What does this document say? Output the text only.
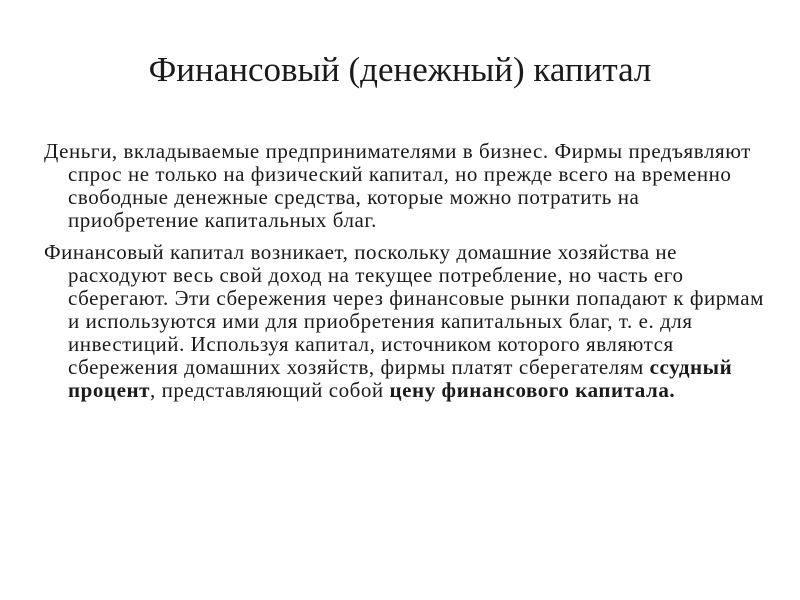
Финансовый (денежный) капитал

Деньги, вкладываемые предпринимателями в бизнес. Фирмы предъявляют спрос не только на физический капитал, но прежде всего на временно свободные денежные средства, которые можно потратить на приобретение капитальных благ.

Финансовый капитал возникает, поскольку домашние хозяйства не расходуют весь свой доход на текущее потребление, но часть его сберегают. Эти сбережения через финансовые рынки попадают к фирмам и используются ими для приобретения капитальных благ, т. е. для инвестиций. Используя капитал, источником которого являются сбережения домашних хозяйств, фирмы платят сберегателям ссудный процент, представляющий собой цену финансового капитала.
